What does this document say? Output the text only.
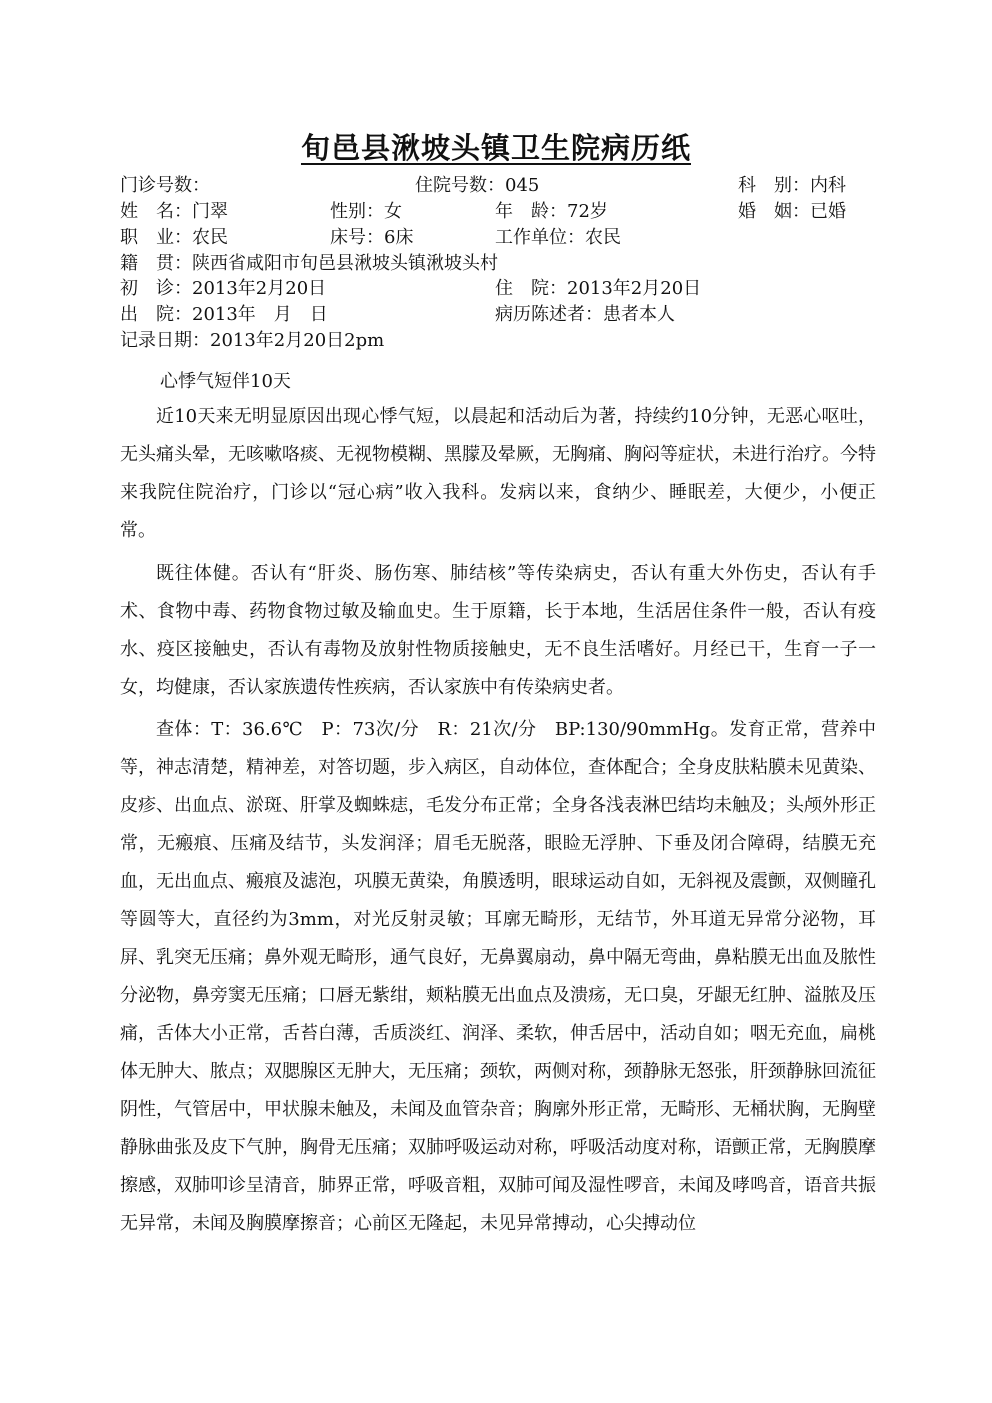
旬邑县湫坡头镇卫生院病历纸
门诊号数：	住院号数：045	科　别：内科
姓　名：门翠	性别：女	年　龄：72岁	婚　姻：已婚
职　业：农民	床号：6床	工作单位：农民
籍　贯：陕西省咸阳市旬邑县湫坡头镇湫坡头村
初　诊：2013年2月20日	住　院：2013年2月20日
出　院：2013年　月　日	病历陈述者：患者本人
记录日期：2013年2月20日2pm
心悸气短伴10天

近10天来无明显原因出现心悸气短，以晨起和活动后为著，持续约10分钟，无恶心呕吐，无头痛头晕，无咳嗽咯痰、无视物模糊、黑朦及晕厥，无胸痛、胸闷等症状，未进行治疗。今特来我院住院治疗，门诊以“冠心病”收入我科。发病以来，食纳少、睡眠差，大便少，小便正常。

既往体健。否认有“肝炎、肠伤寒、肺结核”等传染病史，否认有重大外伤史，否认有手术、食物中毒、药物食物过敏及输血史。生于原籍，长于本地，生活居住条件一般，否认有疫水、疫区接触史，否认有毒物及放射性物质接触史，无不良生活嗜好。月经已干，生育一子一女，均健康，否认家族遗传性疾病，否认家族中有传染病史者。

查体：T：36.6℃　P：73次/分　R：21次/分　BP:130/90mmHg。发育正常，营养中等，神志清楚，精神差，对答切题，步入病区，自动体位，查体配合；全身皮肤粘膜未见黄染、皮疹、出血点、淤斑、肝掌及蜘蛛痣，毛发分布正常；全身各浅表淋巴结均未触及；头颅外形正常，无瘢痕、压痛及结节，头发润泽；眉毛无脱落，眼睑无浮肿、下垂及闭合障碍，结膜无充血，无出血点、瘢痕及滤泡，巩膜无黄染，角膜透明，眼球运动自如，无斜视及震颤，双侧瞳孔等圆等大，直径约为3mm，对光反射灵敏；耳廓无畸形，无结节，外耳道无异常分泌物，耳屏、乳突无压痛；鼻外观无畸形，通气良好，无鼻翼扇动，鼻中隔无弯曲，鼻粘膜无出血及脓性分泌物，鼻旁窦无压痛；口唇无紫绀，颊粘膜无出血点及溃疡，无口臭，牙龈无红肿、溢脓及压痛，舌体大小正常，舌苔白薄，舌质淡红、润泽、柔软，伸舌居中，活动自如；咽无充血，扁桃体无肿大、脓点；双腮腺区无肿大，无压痛；颈软，两侧对称，颈静脉无怒张，肝颈静脉回流征阴性，气管居中，甲状腺未触及，未闻及血管杂音；胸廓外形正常，无畸形、无桶状胸，无胸壁静脉曲张及皮下气肿，胸骨无压痛；双肺呼吸运动对称，呼吸活动度对称，语颤正常，无胸膜摩擦感，双肺叩诊呈清音，肺界正常，呼吸音粗，双肺可闻及湿性啰音，未闻及哮鸣音，语音共振无异常，未闻及胸膜摩擦音；心前区无隆起，未见异常搏动，心尖搏动位
